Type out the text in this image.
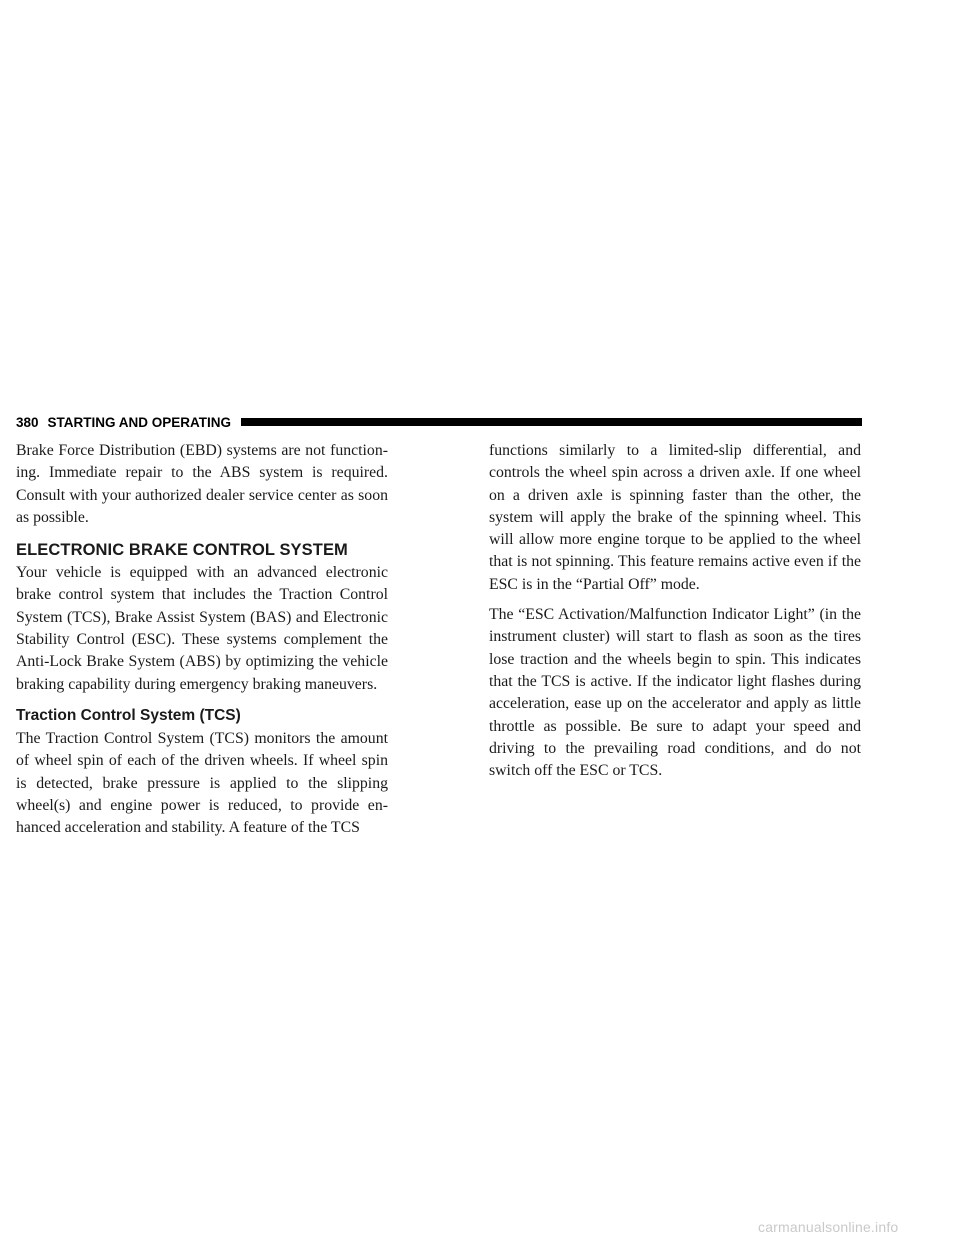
380 STARTING AND OPERATING

Brake Force Distribution (EBD) systems are not functioning. Immediate repair to the ABS system is required. Consult with your authorized dealer service center as soon as possible.

ELECTRONIC BRAKE CONTROL SYSTEM

Your vehicle is equipped with an advanced electronic brake control system that includes the Traction Control System (TCS), Brake Assist System (BAS) and Electronic Stability Control (ESC). These systems complement the Anti-Lock Brake System (ABS) by optimizing the vehicle braking capability during emergency braking maneuvers.

Traction Control System (TCS)

The Traction Control System (TCS) monitors the amount of wheel spin of each of the driven wheels. If wheel spin is detected, brake pressure is applied to the slipping wheel(s) and engine power is reduced, to provide enhanced acceleration and stability. A feature of the TCS

functions similarly to a limited-slip differential, and controls the wheel spin across a driven axle. If one wheel on a driven axle is spinning faster than the other, the system will apply the brake of the spinning wheel. This will allow more engine torque to be applied to the wheel that is not spinning. This feature remains active even if the ESC is in the “Partial Off” mode.

The “ESC Activation/Malfunction Indicator Light” (in the instrument cluster) will start to flash as soon as the tires lose traction and the wheels begin to spin. This indicates that the TCS is active. If the indicator light flashes during acceleration, ease up on the accelerator and apply as little throttle as possible. Be sure to adapt your speed and driving to the prevailing road conditions, and do not switch off the ESC or TCS.

carmanualsonline.info
